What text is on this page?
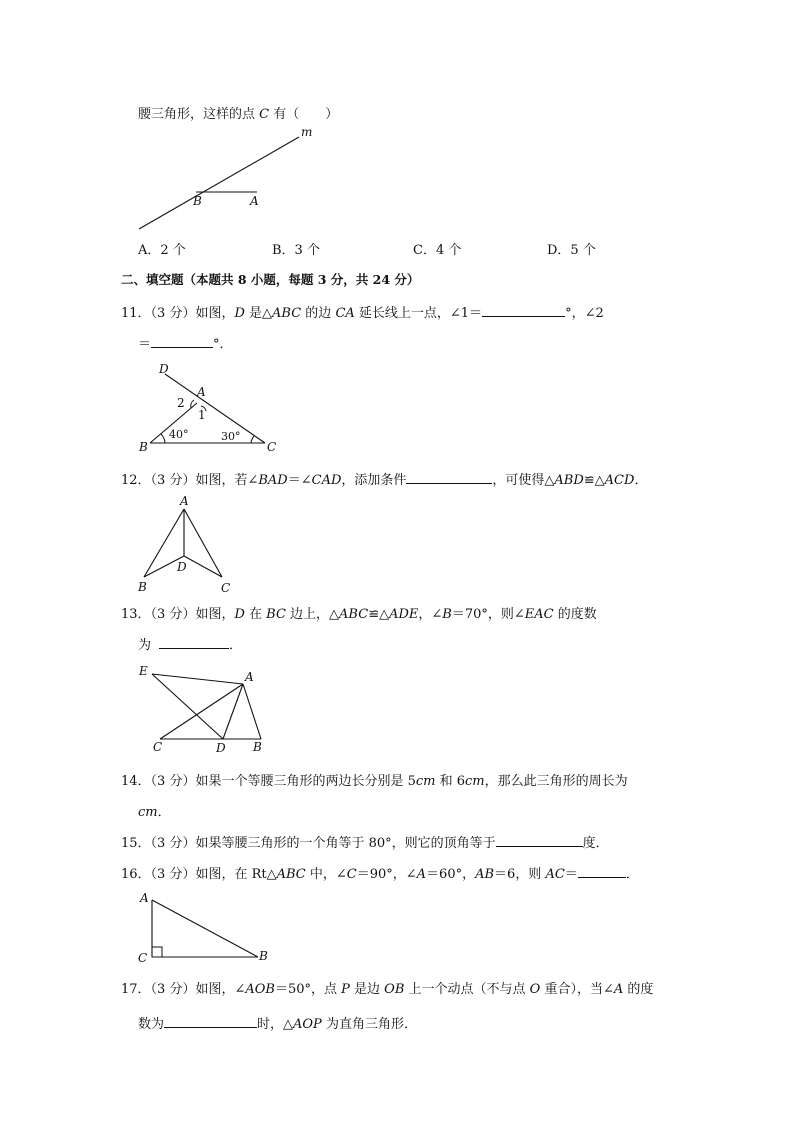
腰三角形，这样的点 C 有（　　）
m
B	A
A．2 个	B．3 个	C．4 个	D．5 个
二、填空题（本题共 8 小题，每题 3 分，共 24 分）
11．（3 分）如图，D 是△ABC 的边 CA 延长线上一点，∠1＝	°，∠2
＝	°．
D
A
2
1
B
40°	30°
C
12．（3 分）如图，若∠BAD＝∠CAD，添加条件	，可使得△ABD≌△ACD．
A
B
D
C
13．（3 分）如图，D 在 BC 边上，△ABC≌△ADE，∠B＝70°，则∠EAC 的度数
为	．
E	A
C	D B
14．（3 分）如果一个等腰三角形的两边长分别是 5cm 和 6cm，那么此三角形的周长为
cm．
15．（3 分）如果等腰三角形的一个角等于 80°，则它的顶角等于	度．
16．（3 分）如图，在 Rt△ABC 中，∠C＝90°，∠A＝60°，AB＝6，则 AC＝	．
A
C	B
17．（3 分）如图，∠AOB＝50°，点 P 是边 OB 上一个动点（不与点 O 重合），当∠A 的度
数为	时，△AOP 为直角三角形．
